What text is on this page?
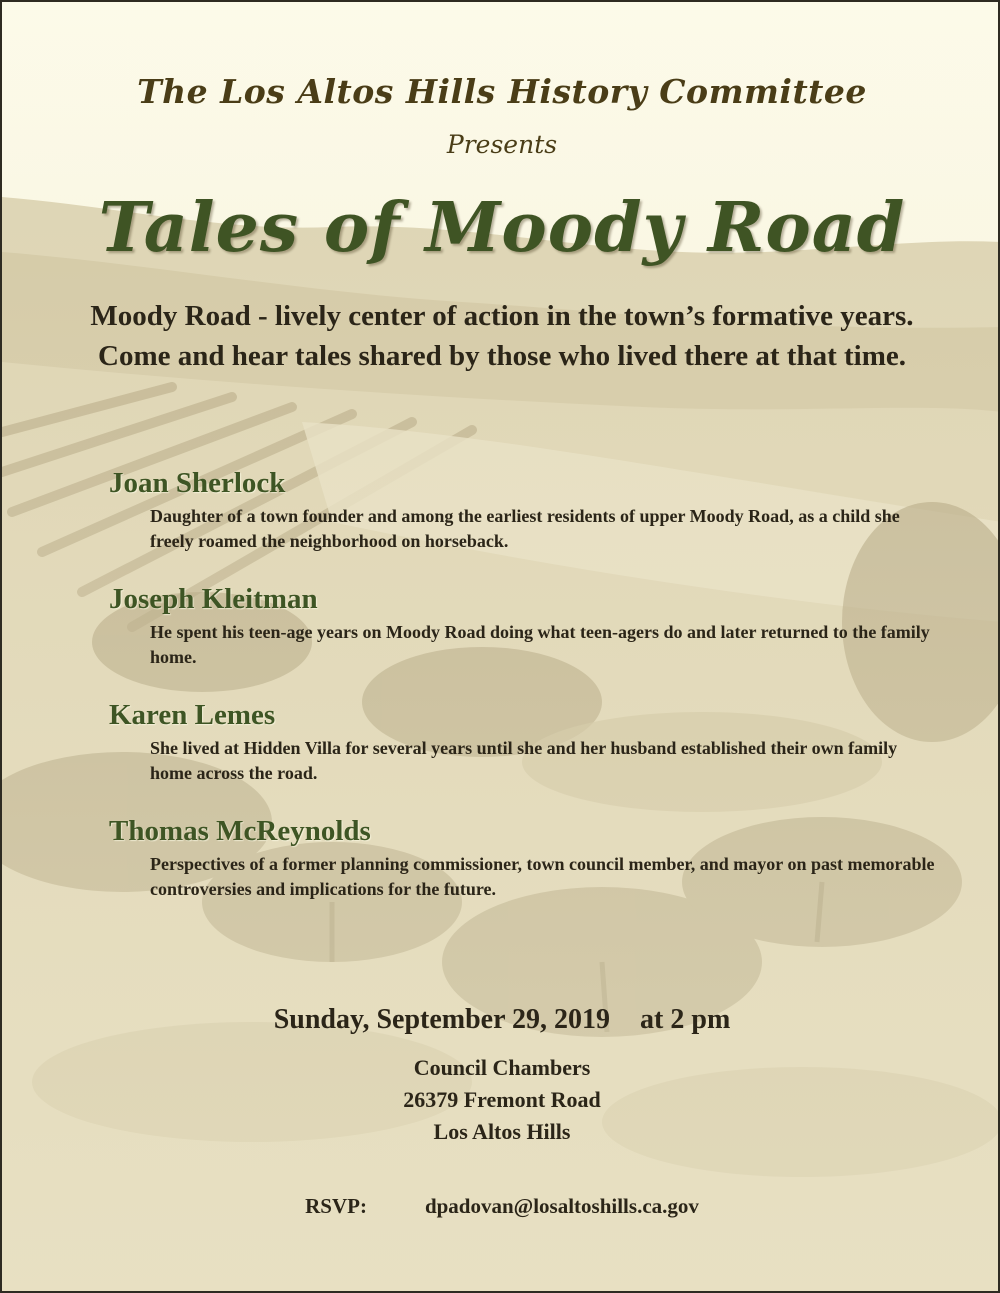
The Los Altos Hills History Committee
Presents
Tales of Moody Road
Moody Road - lively center of action in the town’s formative years. Come and hear tales shared by those who lived there at that time.
Joan Sherlock
Daughter of a town founder and among the earliest residents of upper Moody Road, as a child she freely roamed the neighborhood on horseback.
Joseph Kleitman
He spent his teen-age years on Moody Road doing what teen-agers do and later returned to the family home.
Karen Lemes
She lived at Hidden Villa for several years until she and her husband established their own family home across the road.
Thomas McReynolds
Perspectives of a former planning commissioner, town council member, and mayor on past memorable controversies and implications for the future.
Sunday, September 29, 2019 at 2 pm
Council Chambers
26379 Fremont Road
Los Altos Hills
RSVP:	dpadovan@losaltoshills.ca.gov
